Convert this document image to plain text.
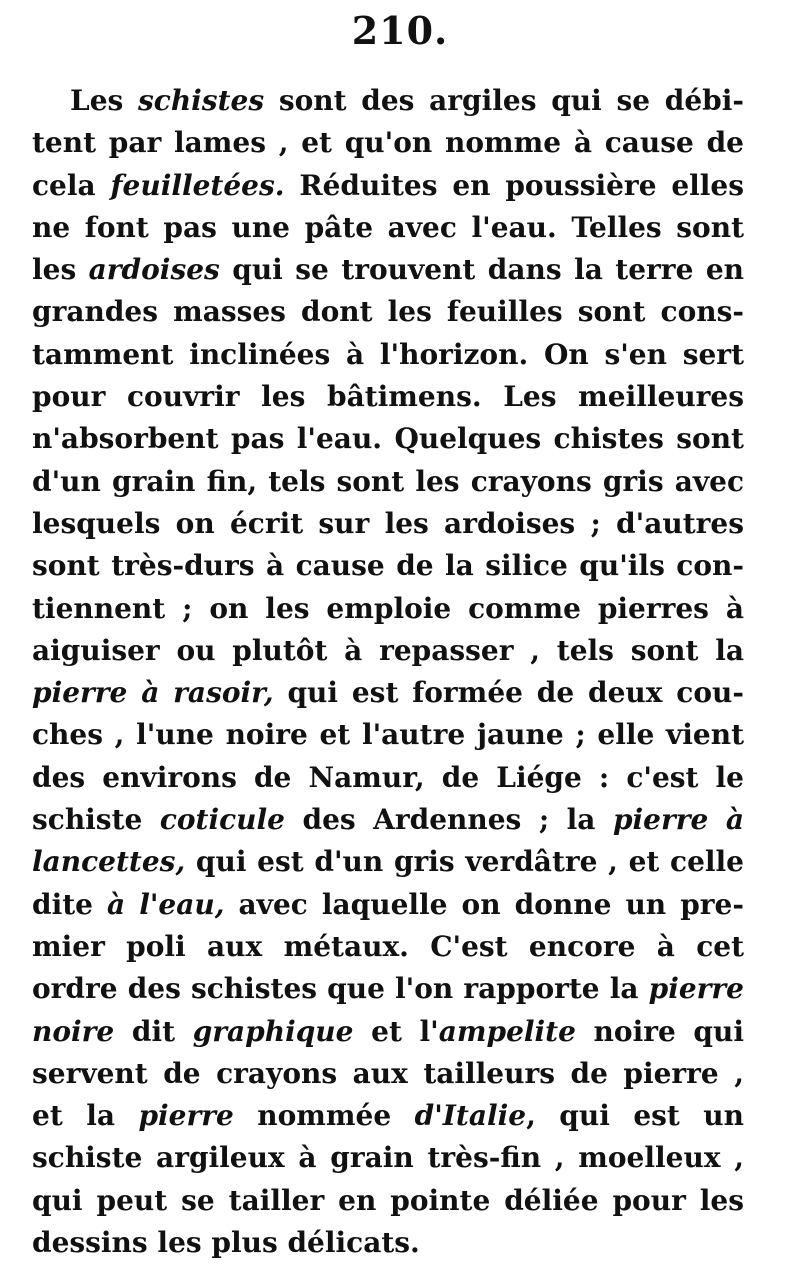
210.
Les schistes sont des argiles qui se débi-
tent par lames , et qu'on nomme à cause de
cela feuilletées. Réduites en poussière elles
ne font pas une pâte avec l'eau. Telles sont
les ardoises qui se trouvent dans la terre en
grandes masses dont les feuilles sont cons-
tamment inclinées à l'horizon. On s'en sert
pour couvrir les bâtimens. Les meilleures
n'absorbent pas l'eau. Quelques chistes sont
d'un grain fin, tels sont les crayons gris avec
lesquels on écrit sur les ardoises ; d'autres
sont très-durs à cause de la silice qu'ils con-
tiennent ; on les emploie comme pierres à
aiguiser ou plutôt à repasser , tels sont la
pierre à rasoir, qui est formée de deux cou-
ches , l'une noire et l'autre jaune ; elle vient
des environs de Namur, de Liége : c'est le
schiste coticule des Ardennes ; la pierre à
lancettes, qui est d'un gris verdâtre , et celle
dite à l'eau, avec laquelle on donne un pre-
mier poli aux métaux. C'est encore à cet
ordre des schistes que l'on rapporte la pierre
noire dit graphique et l'ampelite noire qui
servent de crayons aux tailleurs de pierre ,
et la pierre nommée d'Italie, qui est un
schiste argileux à grain très-fin , moelleux ,
qui peut se tailler en pointe déliée pour les
dessins les plus délicats.
